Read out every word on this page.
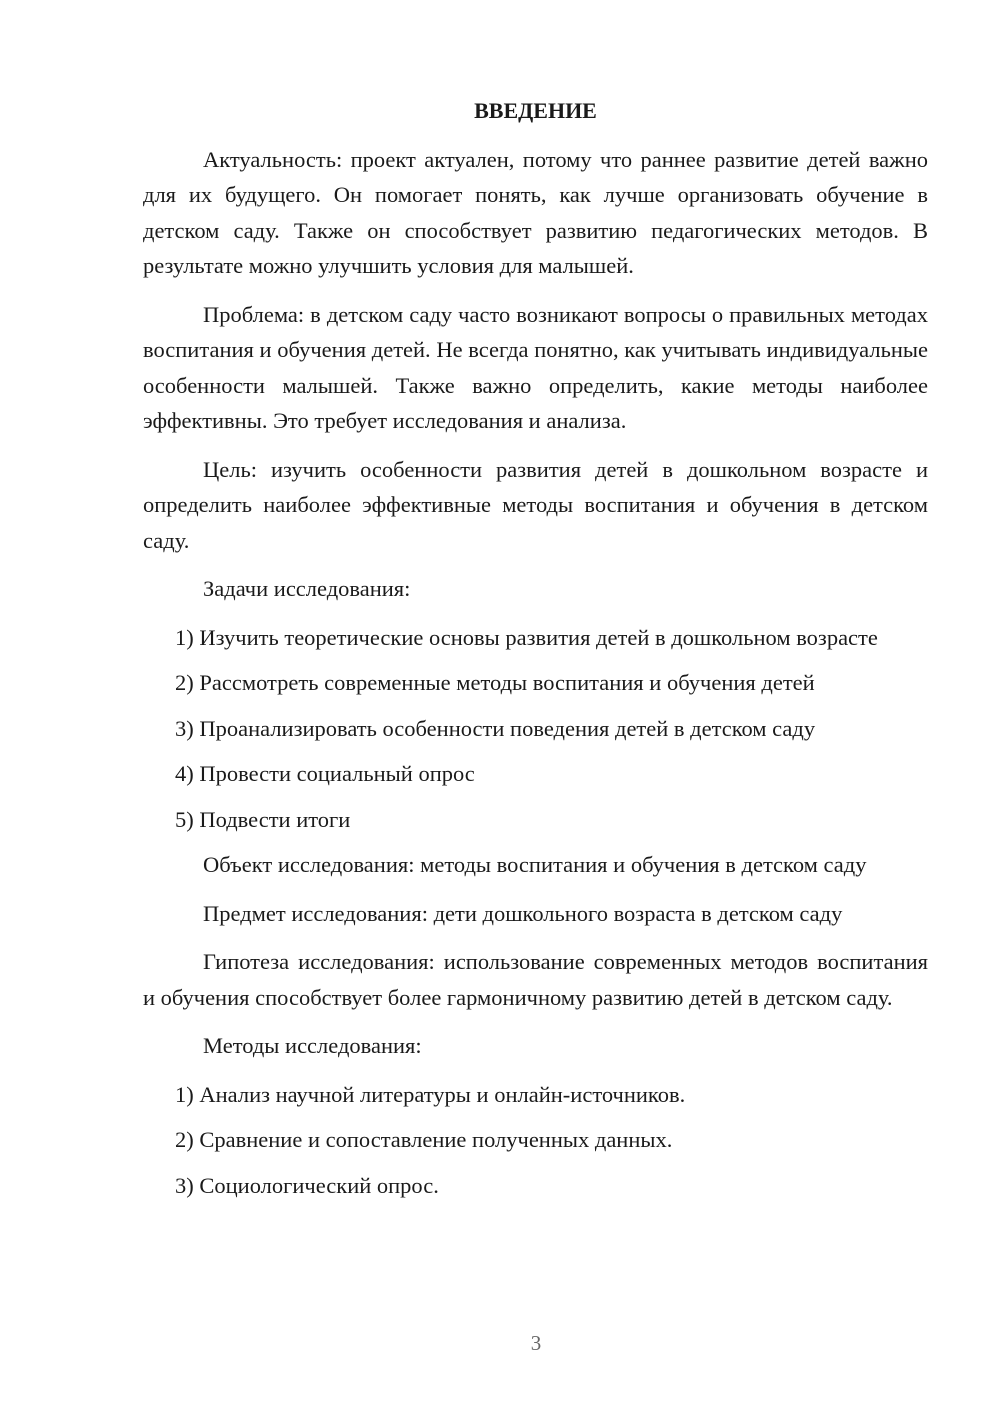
ВВЕДЕНИЕ
Актуальность: проект актуален, потому что раннее развитие детей важно для их будущего. Он помогает понять, как лучше организовать обучение в детском саду. Также он способствует развитию педагогических методов. В результате можно улучшить условия для малышей.
Проблема: в детском саду часто возникают вопросы о правильных методах воспитания и обучения детей. Не всегда понятно, как учитывать индивидуальные особенности малышей. Также важно определить, какие методы наиболее эффективны. Это требует исследования и анализа.
Цель: изучить особенности развития детей в дошкольном возрасте и определить наиболее эффективные методы воспитания и обучения в детском саду.
Задачи исследования:
1) Изучить теоретические основы развития детей в дошкольном возрасте
2) Рассмотреть современные методы воспитания и обучения детей
3) Проанализировать особенности поведения детей в детском саду
4) Провести социальный опрос
5) Подвести итоги
Объект исследования: методы воспитания и обучения в детском саду
Предмет исследования: дети дошкольного возраста в детском саду
Гипотеза исследования: использование современных методов воспитания и обучения способствует более гармоничному развитию детей в детском саду.
Методы исследования:
1) Анализ научной литературы и онлайн-источников.
2) Сравнение и сопоставление полученных данных.
3) Социологический опрос.
3
